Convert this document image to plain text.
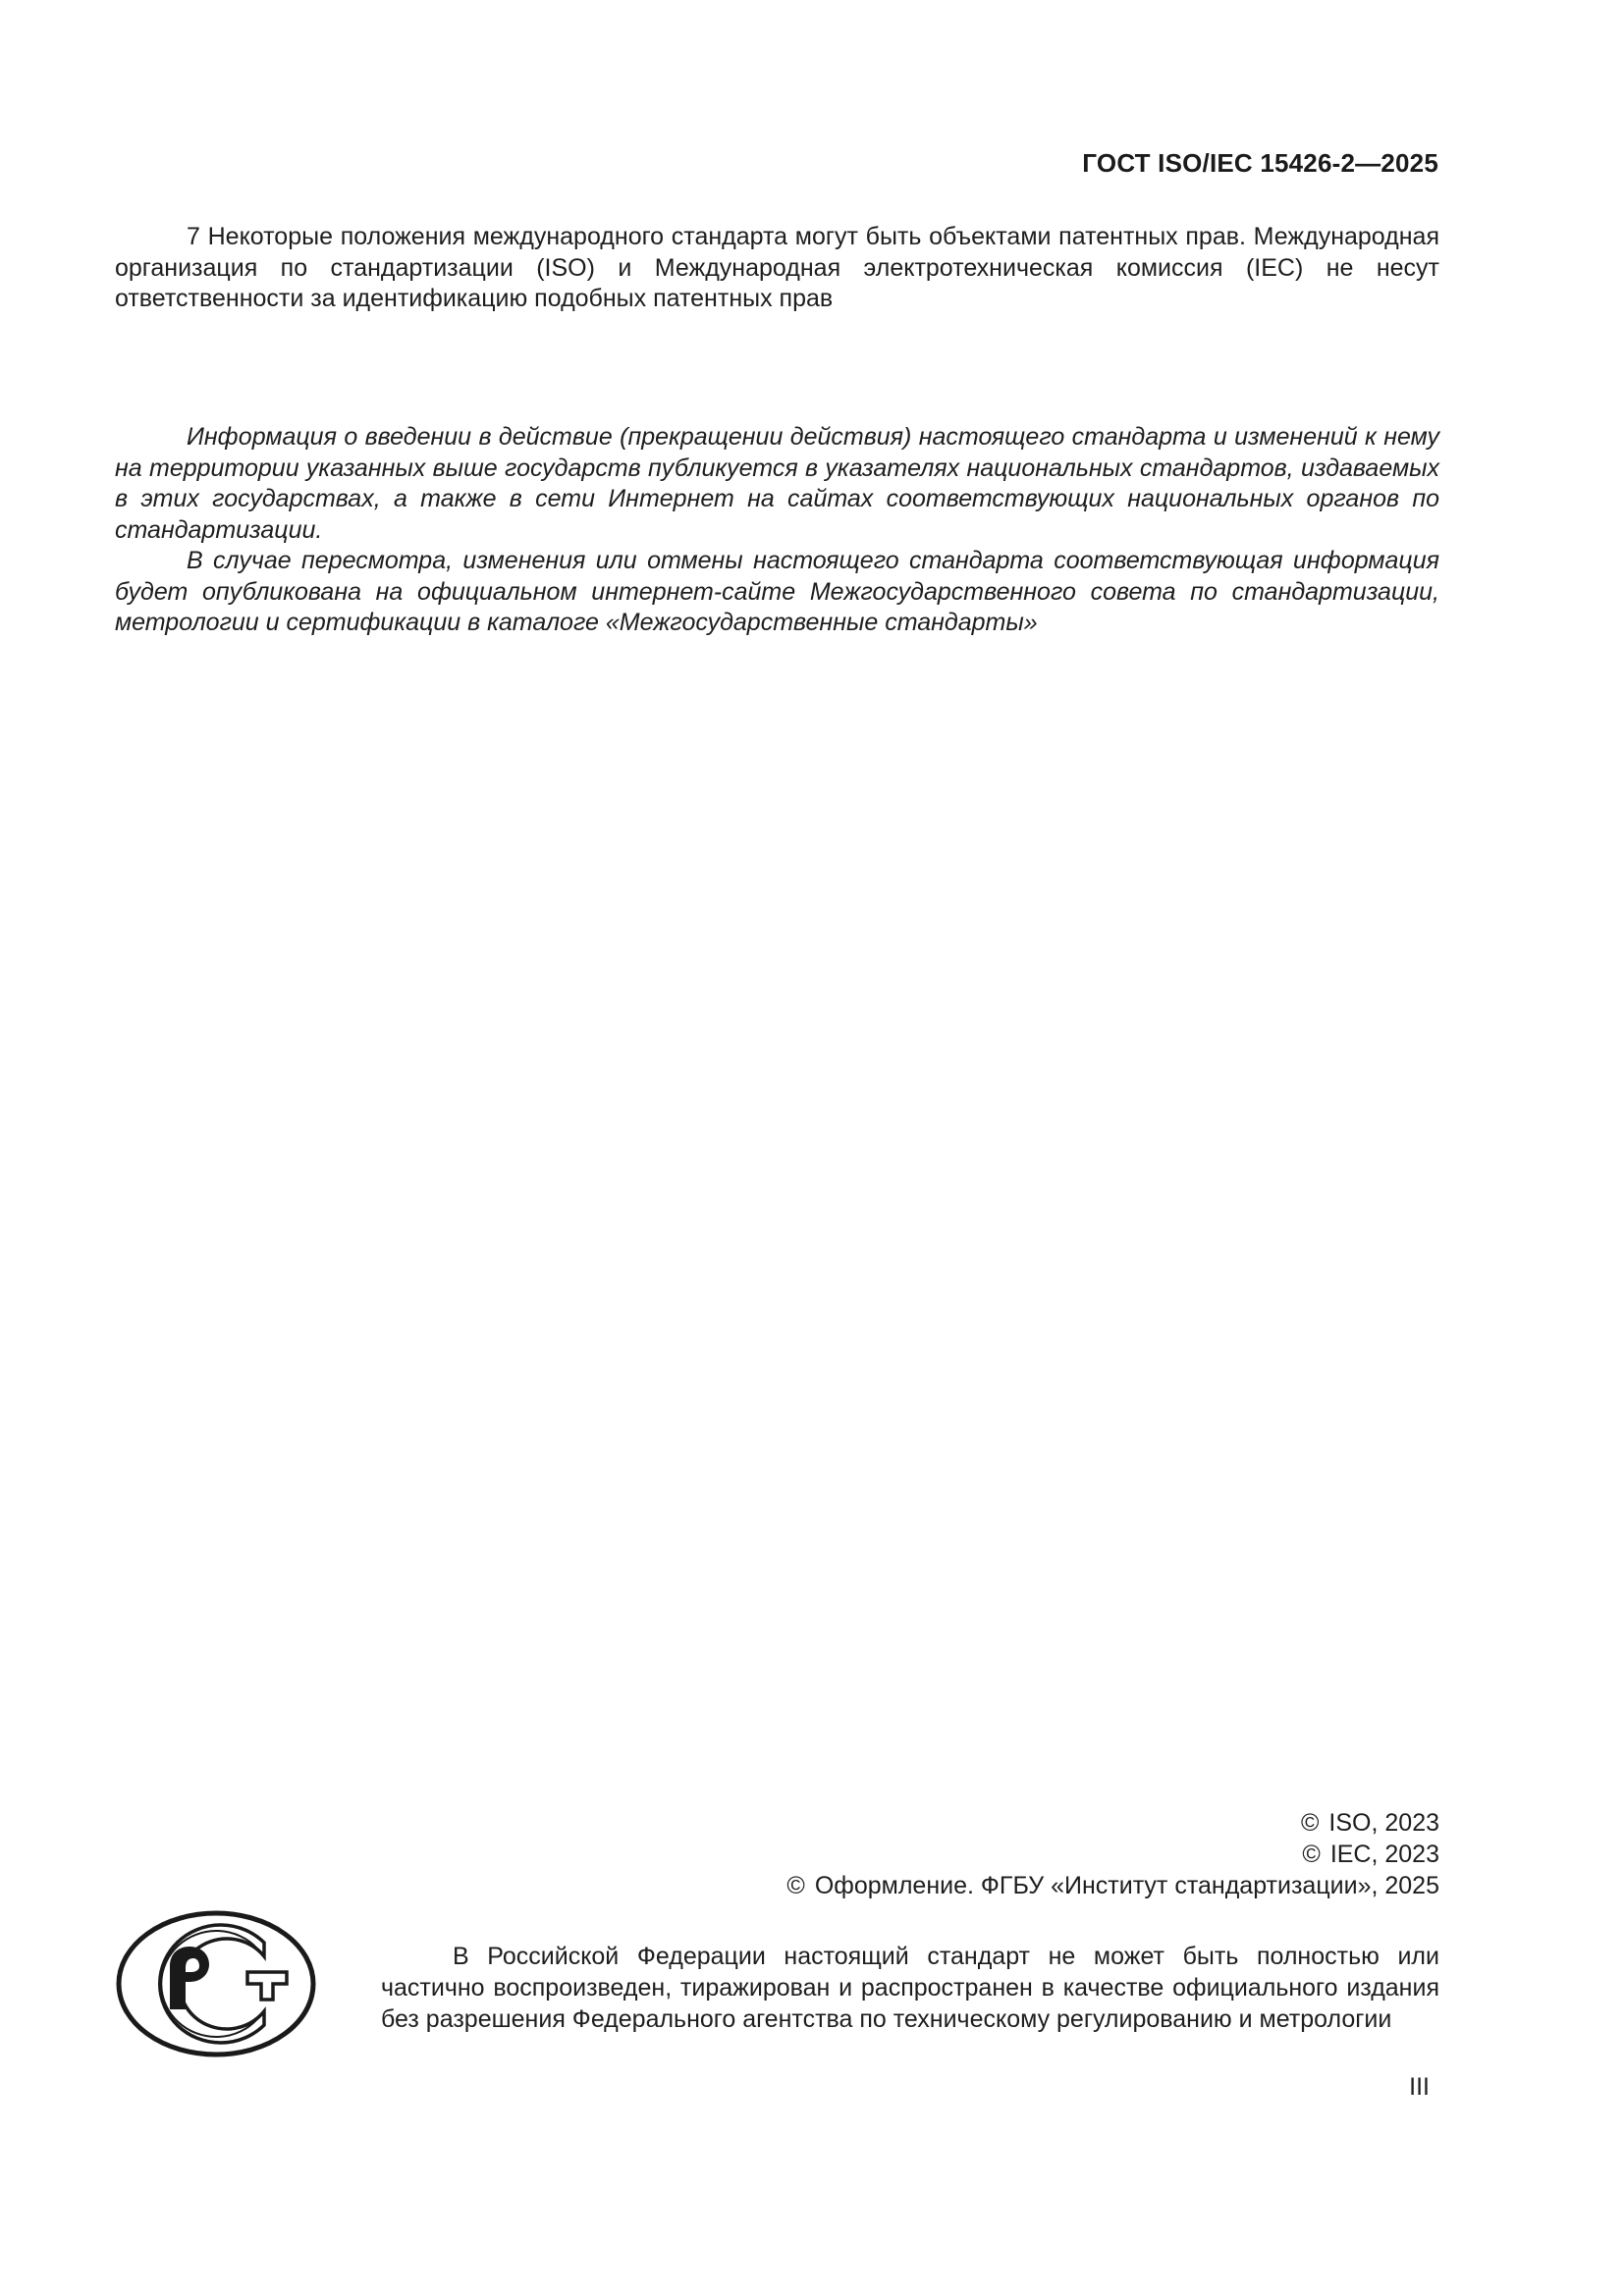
ГОСТ ISO/IEC 15426-2—2025

7 Некоторые положения международного стандарта могут быть объектами патентных прав. Международная организация по стандартизации (ISO) и Международная электротехническая комиссия (IEC) не несут ответственности за идентификацию подобных патентных прав

Информация о введении в действие (прекращении действия) настоящего стандарта и изменений к нему на территории указанных выше государств публикуется в указателях национальных стандартов, издаваемых в этих государствах, а также в сети Интернет на сайтах соответствующих национальных органов по стандартизации.

В случае пересмотра, изменения или отмены настоящего стандарта соответствующая информация будет опубликована на официальном интернет-сайте Межгосударственного совета по стандартизации, метрологии и сертификации в каталоге «Межгосударственные стандарты»

© ISO, 2023
© IEC, 2023
© Оформление. ФГБУ «Институт стандартизации», 2025

В Российской Федерации настоящий стандарт не может быть полностью или частично воспроизведен, тиражирован и распространен в качестве официального издания без разрешения Федерального агентства по техническому регулированию и метрологии

III
